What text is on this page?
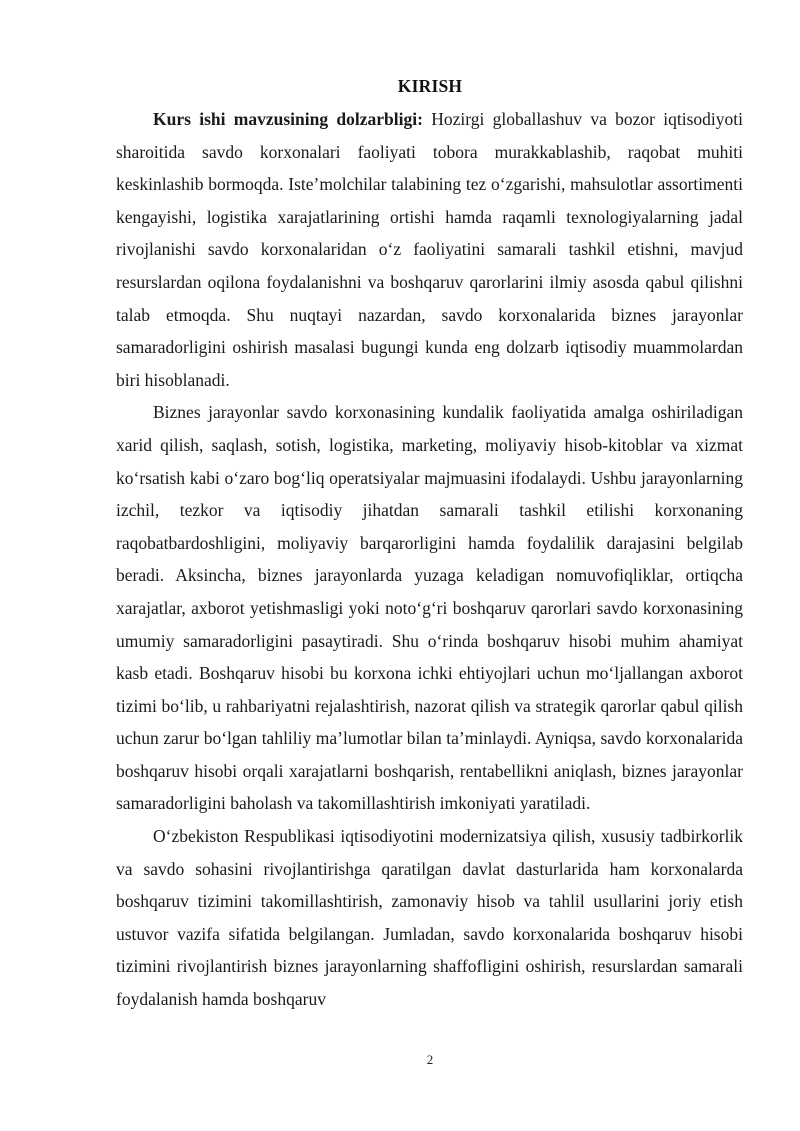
KIRISH

Kurs ishi mavzusining dolzarbligi: Hozirgi globallashuv va bozor iqtisodiyoti sharoitida savdo korxonalari faoliyati tobora murakkablashib, raqobat muhiti keskinlashib bormoqda. Iste’molchilar talabining tez o‘zgarishi, mahsulotlar assortimenti kengayishi, logistika xarajatlarining ortishi hamda raqamli texnologiyalarning jadal rivojlanishi savdo korxonalaridan o‘z faoliyatini samarali tashkil etishni, mavjud resurslardan oqilona foydalanishni va boshqaruv qarorlarini ilmiy asosda qabul qilishni talab etmoqda. Shu nuqtayi nazardan, savdo korxonalarida biznes jarayonlar samaradorligini oshirish masalasi bugungi kunda eng dolzarb iqtisodiy muammolardan biri hisoblanadi.

Biznes jarayonlar savdo korxonasining kundalik faoliyatida amalga oshiriladigan xarid qilish, saqlash, sotish, logistika, marketing, moliyaviy hisob-kitoblar va xizmat ko‘rsatish kabi o‘zaro bog‘liq operatsiyalar majmuasini ifodalaydi. Ushbu jarayonlarning izchil, tezkor va iqtisodiy jihatdan samarali tashkil etilishi korxonaning raqobatbardoshligini, moliyaviy barqarorligini hamda foydalilik darajasini belgilab beradi. Aksincha, biznes jarayonlarda yuzaga keladigan nomuvofiqliklar, ortiqcha xarajatlar, axborot yetishmasligi yoki noto‘g‘ri boshqaruv qarorlari savdo korxonasining umumiy samaradorligini pasaytiradi. Shu o‘rinda boshqaruv hisobi muhim ahamiyat kasb etadi. Boshqaruv hisobi bu korxona ichki ehtiyojlari uchun mo‘ljallangan axborot tizimi bo‘lib, u rahbariyatni rejalashtirish, nazorat qilish va strategik qarorlar qabul qilish uchun zarur bo‘lgan tahliliy ma’lumotlar bilan ta’minlaydi. Ayniqsa, savdo korxonalarida boshqaruv hisobi orqali xarajatlarni boshqarish, rentabellikni aniqlash, biznes jarayonlar samaradorligini baholash va takomillashtirish imkoniyati yaratiladi.

O‘zbekiston Respublikasi iqtisodiyotini modernizatsiya qilish, xususiy tadbirkorlik va savdo sohasini rivojlantirishga qaratilgan davlat dasturlarida ham korxonalarda boshqaruv tizimini takomillashtirish, zamonaviy hisob va tahlil usullarini joriy etish ustuvor vazifa sifatida belgilangan. Jumladan, savdo korxonalarida boshqaruv hisobi tizimini rivojlantirish biznes jarayonlarning shaffofligini oshirish, resurslardan samarali foydalanish hamda boshqaruv

2
